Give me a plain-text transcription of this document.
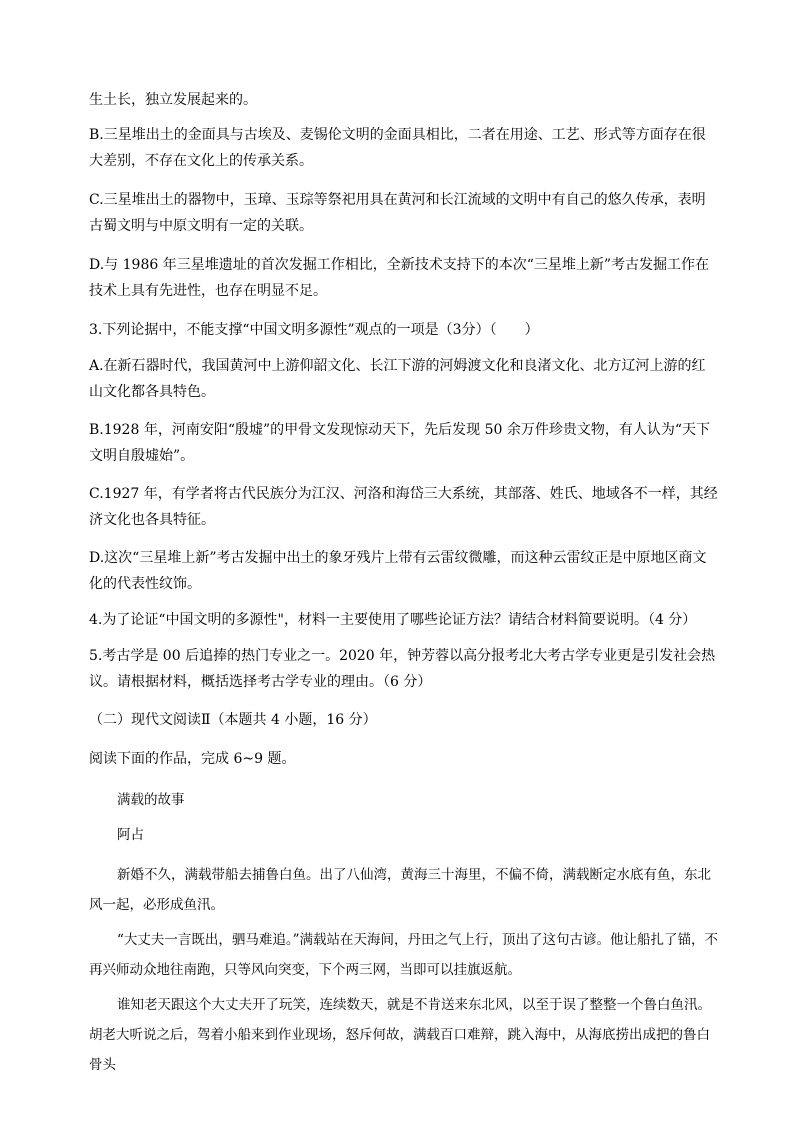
生土长，独立发展起来的。

B.三星堆出土的金面具与古埃及、麦锡伦文明的金面具相比，二者在用途、工艺、形式等方面存在很大差别，不存在文化上的传承关系。

C.三星堆出土的器物中，玉璋、玉琮等祭祀用具在黄河和长江流域的文明中有自己的悠久传承，表明古蜀文明与中原文明有一定的关联。

D.与 1986 年三星堆遗址的首次发掘工作相比，全新技术支持下的本次“三星堆上新”考古发掘工作在技术上具有先进性，也存在明显不足。

3.下列论据中，不能支撑“中国文明多源性”观点的一项是（3分）（　　）

A.在新石器时代，我国黄河中上游仰韶文化、长江下游的河姆渡文化和良渚文化、北方辽河上游的红山文化都各具特色。

B.1928 年，河南安阳“殷墟”的甲骨文发现惊动天下，先后发现 50 余万件珍贵文物，有人认为“天下文明自殷墟始”。

C.1927 年，有学者将古代民族分为江汉、河洛和海岱三大系统，其部落、姓氏、地域各不一样，其经济文化也各具特征。

D.这次“三星堆上新”考古发掘中出土的象牙残片上带有云雷纹微雕，而这种云雷纹正是中原地区商文化的代表性纹饰。

4.为了论证“中国文明的多源性"，材料一主要使用了哪些论证方法？请结合材料简要说明。（4 分）

5.考古学是 00 后追捧的热门专业之一。2020 年，钟芳蓉以高分报考北大考古学专业更是引发社会热议。请根据材料，概括选择考古学专业的理由。（6 分）

（二）现代文阅读Ⅱ（本题共 4 小题，16 分）

阅读下面的作品，完成 6~9 题。

满载的故事

阿占

新婚不久，满载带船去捕鲁白鱼。出了八仙湾，黄海三十海里，不偏不倚，满载断定水底有鱼，东北风一起，必形成鱼汛。

“大丈夫一言既出，驷马难追。”满载站在天海间，丹田之气上行，顶出了这句古谚。他让船扎了锚，不再兴师动众地往南跑，只等风向突变，下个两三网，当即可以挂旗返航。

谁知老天跟这个大丈夫开了玩笑，连续数天，就是不肯送来东北风，以至于误了整整一个鲁白鱼汛。胡老大听说之后，驾着小船来到作业现场，怒斥何故，满载百口难辩，跳入海中，从海底捞出成把的鲁白骨头
